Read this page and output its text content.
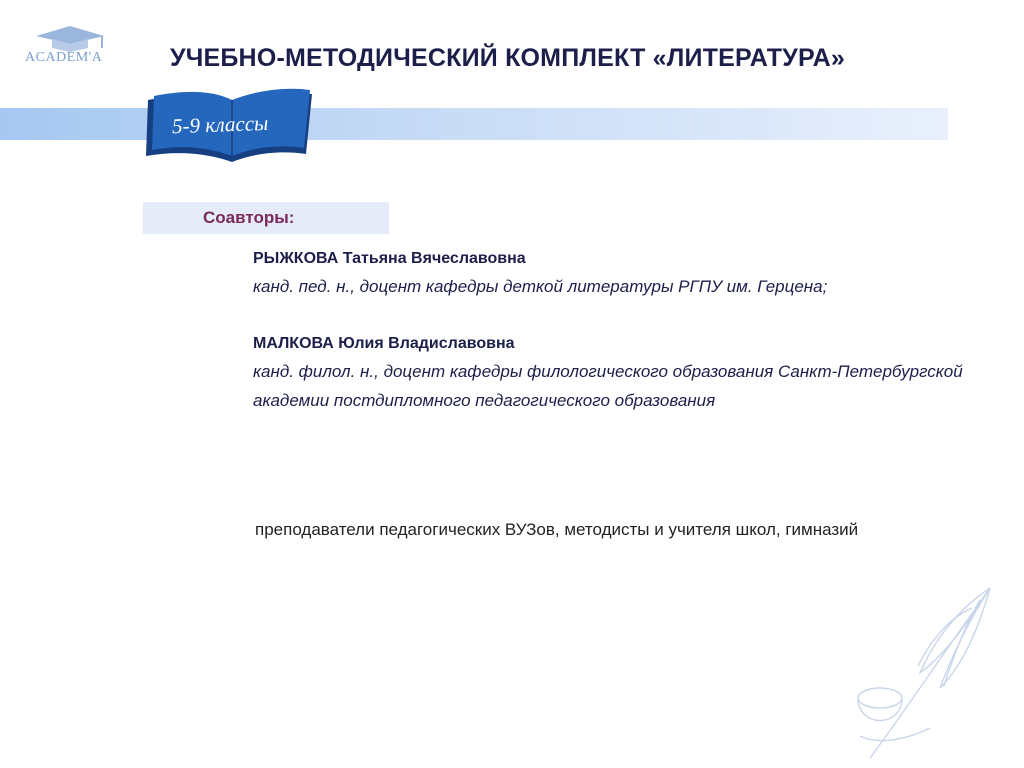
ACADEM'A	УЧЕБНО-МЕТОДИЧЕСКИЙ КОМПЛЕКТ «ЛИТЕРАТУРА»
5-9 классы
Соавторы:
РЫЖКОВА Татьяна Вячеславовна
канд. пед. н., доцент кафедры деткой литературы РГПУ им. Герцена;
МАЛКОВА Юлия Владиславовна
канд. филол. н., доцент кафедры филологического образования Санкт-Петербургской академии постдипломного педагогического образования
преподаватели педагогических ВУЗов, методисты и учителя школ, гимназий
